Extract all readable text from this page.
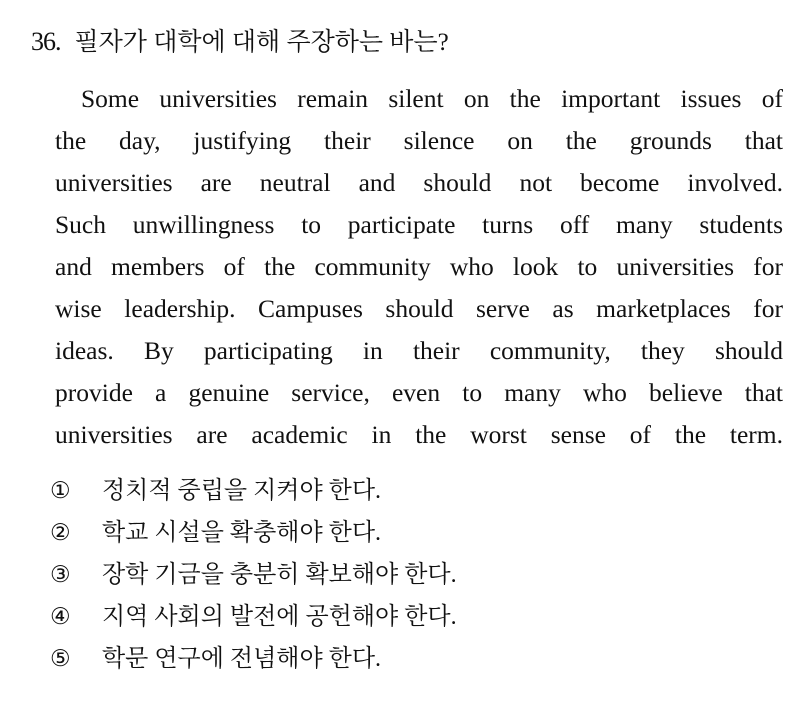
36. 필자가 대학에 대해 주장하는 바는?
Some universities remain silent on the important issues of
the day, justifying their silence on the grounds that
universities are neutral and should not become involved.
Such unwillingness to participate turns off many students
and members of the community who look to universities for
wise leadership. Campuses should serve as marketplaces for
ideas. By participating in their community, they should
provide a genuine service, even to many who believe that
universities are academic in the worst sense of the term.
① 정치적 중립을 지켜야 한다.
② 학교 시설을 확충해야 한다.
③ 장학 기금을 충분히 확보해야 한다.
④ 지역 사회의 발전에 공헌해야 한다.
⑤ 학문 연구에 전념해야 한다.
